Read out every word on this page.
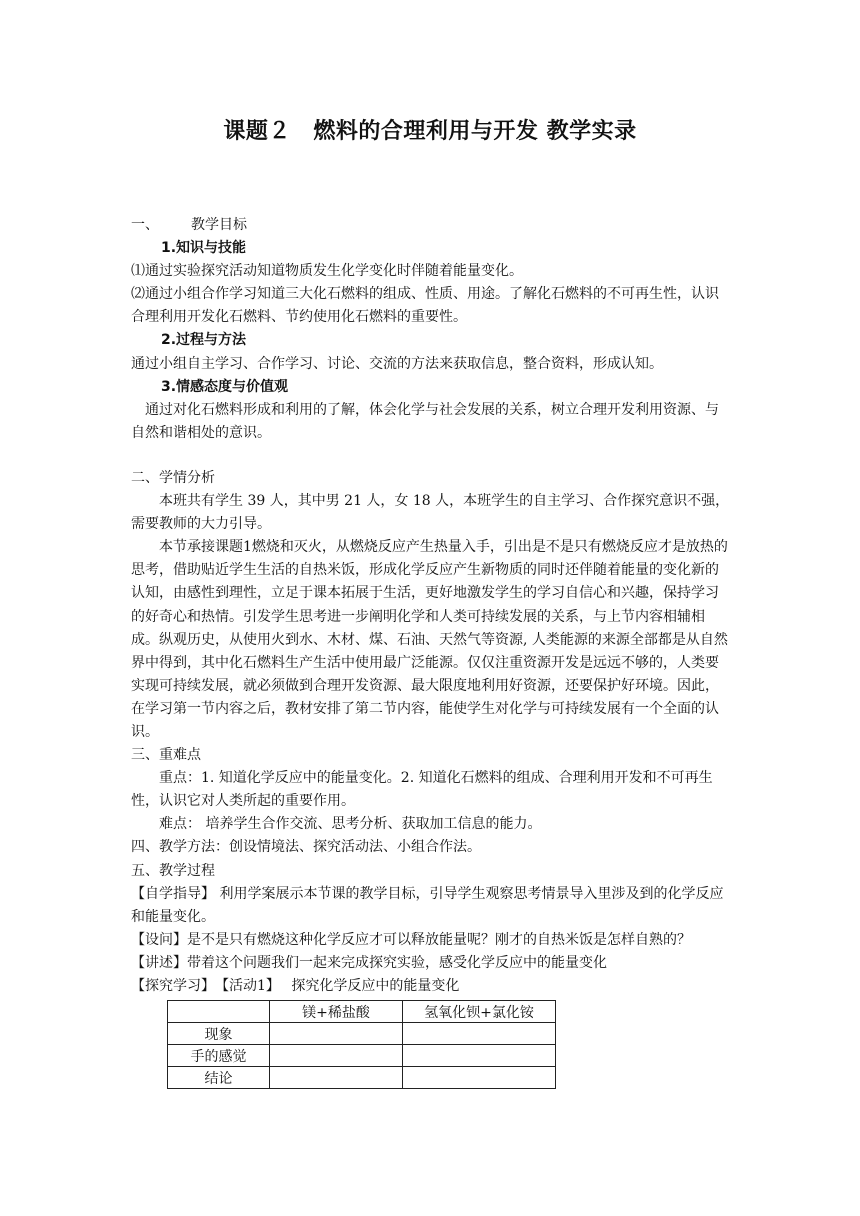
课题２　燃料的合理利用与开发 教学实录

一、 教学目标

1.知识与技能

⑴通过实验探究活动知道物质发生化学变化时伴随着能量变化。

⑵通过小组合作学习知道三大化石燃料的组成、性质、用途。了解化石燃料的不可再生性，认识合理利用开发化石燃料、节约使用化石燃料的重要性。

2.过程与方法

通过小组自主学习、合作学习、讨论、交流的方法来获取信息，整合资料，形成认知。

3.情感态度与价值观

通过对化石燃料形成和利用的了解，体会化学与社会发展的关系，树立合理开发利用资源、与自然和谐相处的意识。

二、学情分析

本班共有学生 39 人，其中男 21 人，女 18 人，本班学生的自主学习、合作探究意识不强，需要教师的大力引导。

本节承接课题1燃烧和灭火，从燃烧反应产生热量入手，引出是不是只有燃烧反应才是放热的思考，借助贴近学生生活的自热米饭，形成化学反应产生新物质的同时还伴随着能量的变化新的认知，由感性到理性，立足于课本拓展于生活，更好地激发学生的学习自信心和兴趣，保持学习的好奇心和热情。引发学生思考进一步阐明化学和人类可持续发展的关系，与上节内容相辅相成。纵观历史，从使用火到水、木材、煤、石油、天然气等资源, 人类能源的来源全部都是从自然界中得到，其中化石燃料生产生活中使用最广泛能源。仅仅注重资源开发是远远不够的，人类要实现可持续发展，就必须做到合理开发资源、最大限度地利用好资源，还要保护好环境。因此，在学习第一节内容之后，教材安排了第二节内容，能使学生对化学与可持续发展有一个全面的认识。

三、重难点

重点：1. 知道化学反应中的能量变化。2. 知道化石燃料的组成、合理利用开发和不可再生性，认识它对人类所起的重要作用。

难点： 培养学生合作交流、思考分析、获取加工信息的能力。

四、教学方法：创设情境法、探究活动法、小组合作法。

五、教学过程

【自学指导】 利用学案展示本节课的教学目标，引导学生观察思考情景导入里涉及到的化学反应和能量变化。

【设问】是不是只有燃烧这种化学反应才可以释放能量呢？刚才的自热米饭是怎样自熟的？

【讲述】带着这个问题我们一起来完成探究实验，感受化学反应中的能量变化

【探究学习】　【活动1】　 探究化学反应中的能量变化

	镁+稀盐酸	氢氧化钡+氯化铵
现象		
手的感觉		
结论		
